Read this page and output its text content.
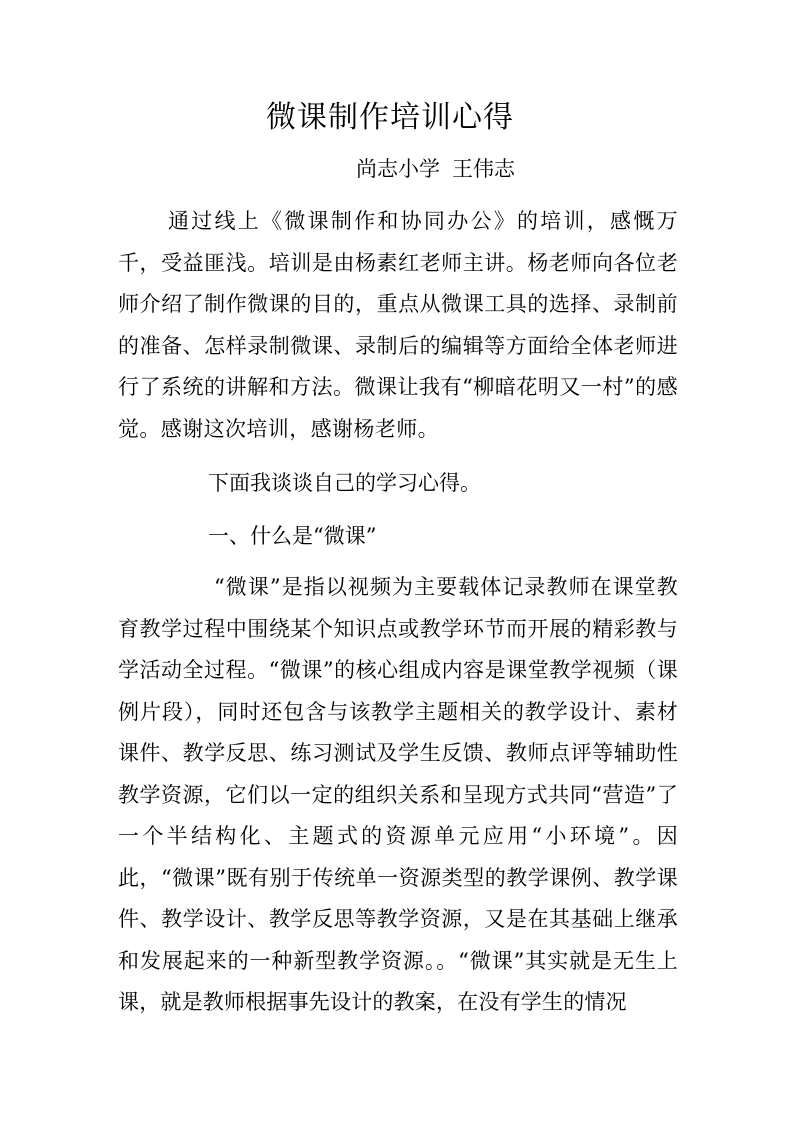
微课制作培训心得
尚志小学 王伟志

通过线上《微课制作和协同办公》的培训，感慨万千，受益匪浅。培训是由杨素红老师主讲。杨老师向各位老师介绍了制作微课的目的，重点从微课工具的选择、录制前的准备、怎样录制微课、录制后的编辑等方面给全体老师进行了系统的讲解和方法。微课让我有“柳暗花明又一村”的感觉。感谢这次培训，感谢杨老师。

下面我谈谈自己的学习心得。

一、什么是“微课”

“微课”是指以视频为主要载体记录教师在课堂教育教学过程中围绕某个知识点或教学环节而开展的精彩教与学活动全过程。“微课”的核心组成内容是课堂教学视频（课例片段），同时还包含与该教学主题相关的教学设计、素材课件、教学反思、练习测试及学生反馈、教师点评等辅助性教学资源，它们以一定的组织关系和呈现方式共同“营造”了一个半结构化、主题式的资源单元应用“小环境”。因此，“微课”既有别于传统单一资源类型的教学课例、教学课件、教学设计、教学反思等教学资源，又是在其基础上继承和发展起来的一种新型教学资源。。“微课”其实就是无生上课，就是教师根据事先设计的教案，在没有学生的情况
